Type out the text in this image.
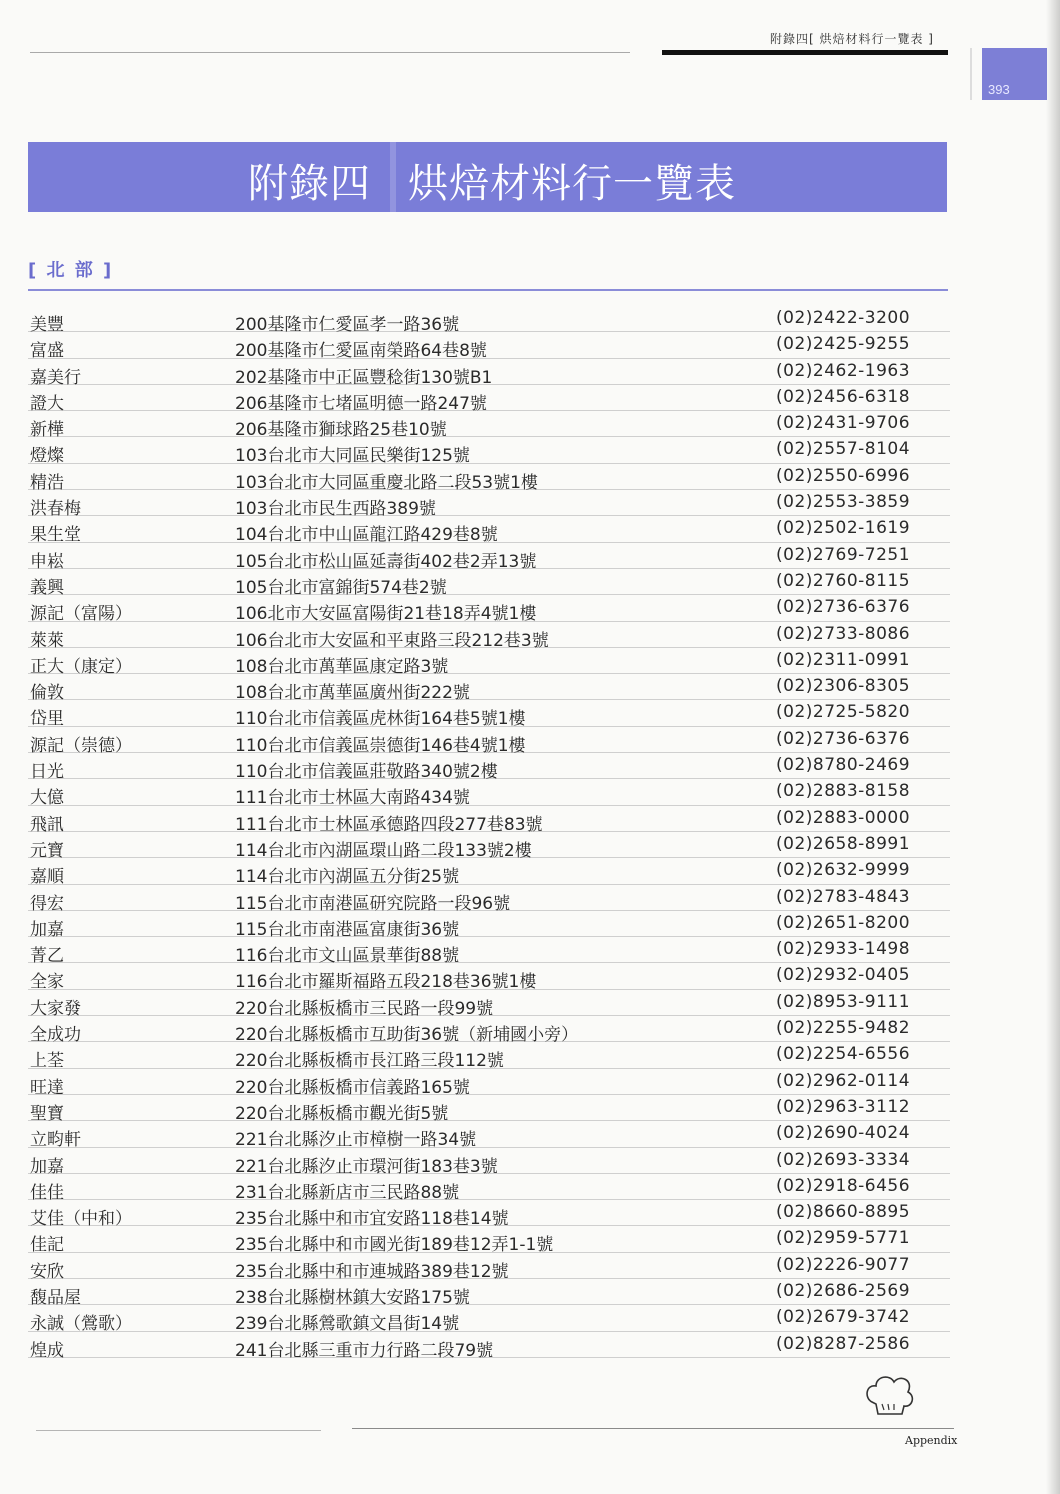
附錄四[ 烘焙材料行一覽表 ]
393
附錄四 烘焙材料行一覽表
[ 北 部 ]
美豐	200基隆市仁愛區孝一路36號	(02)2422-3200
富盛	200基隆市仁愛區南榮路64巷8號	(02)2425-9255
嘉美行	202基隆市中正區豐稔街130號B1	(02)2462-1963
證大	206基隆市七堵區明德一路247號	(02)2456-6318
新樺	206基隆市獅球路25巷10號	(02)2431-9706
燈燦	103台北市大同區民樂街125號	(02)2557-8104
精浩	103台北市大同區重慶北路二段53號1樓	(02)2550-6996
洪春梅	103台北市民生西路389號	(02)2553-3859
果生堂	104台北市中山區龍江路429巷8號	(02)2502-1619
申崧	105台北市松山區延壽街402巷2弄13號	(02)2769-7251
義興	105台北市富錦街574巷2號	(02)2760-8115
源記（富陽）	106北市大安區富陽街21巷18弄4號1樓	(02)2736-6376
萊萊	106台北市大安區和平東路三段212巷3號	(02)2733-8086
正大（康定）	108台北市萬華區康定路3號	(02)2311-0991
倫敦	108台北市萬華區廣州街222號	(02)2306-8305
岱里	110台北市信義區虎林街164巷5號1樓	(02)2725-5820
源記（崇德）	110台北市信義區崇德街146巷4號1樓	(02)2736-6376
日光	110台北市信義區莊敬路340號2樓	(02)8780-2469
大億	111台北市士林區大南路434號	(02)2883-8158
飛訊	111台北市士林區承德路四段277巷83號	(02)2883-0000
元寶	114台北市內湖區環山路二段133號2樓	(02)2658-8991
嘉順	114台北市內湖區五分街25號	(02)2632-9999
得宏	115台北市南港區研究院路一段96號	(02)2783-4843
加嘉	115台北市南港區富康街36號	(02)2651-8200
菁乙	116台北市文山區景華街88號	(02)2933-1498
全家	116台北市羅斯福路五段218巷36號1樓	(02)2932-0405
大家發	220台北縣板橋市三民路一段99號	(02)8953-9111
全成功	220台北縣板橋市互助街36號（新埔國小旁）	(02)2255-9482
上荃	220台北縣板橋市長江路三段112號	(02)2254-6556
旺達	220台北縣板橋市信義路165號	(02)2962-0114
聖寶	220台北縣板橋市觀光街5號	(02)2963-3112
立畇軒	221台北縣汐止市樟樹一路34號	(02)2690-4024
加嘉	221台北縣汐止市環河街183巷3號	(02)2693-3334
佳佳	231台北縣新店市三民路88號	(02)2918-6456
艾佳（中和）	235台北縣中和市宜安路118巷14號	(02)8660-8895
佳記	235台北縣中和市國光街189巷12弄1-1號	(02)2959-5771
安欣	235台北縣中和市連城路389巷12號	(02)2226-9077
馥品屋	238台北縣樹林鎮大安路175號	(02)2686-2569
永誠（鶯歌）	239台北縣鶯歌鎮文昌街14號	(02)2679-3742
煌成	241台北縣三重市力行路二段79號	(02)8287-2586
Appendix
